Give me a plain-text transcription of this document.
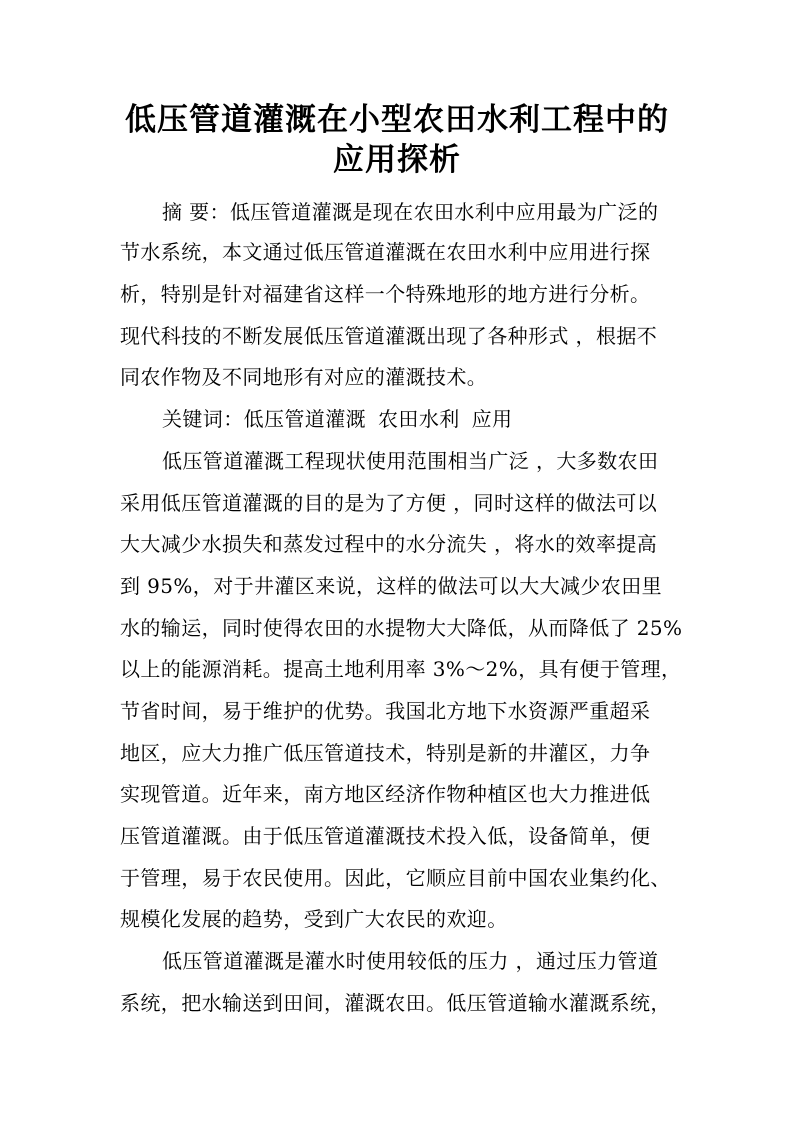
低压管道灌溉在小型农田水利工程中的
应用探析
摘 要：低压管道灌溉是现在农田水利中应用最为广泛的
节水系统，本文通过低压管道灌溉在农田水利中应用进行探
析，特别是针对福建省这样一个特殊地形的地方进行分析。
现代科技的不断发展低压管道灌溉出现了各种形式 ，根据不
同农作物及不同地形有对应的灌溉技术。
关键词：低压管道灌溉 农田水利 应用
低压管道灌溉工程现状使用范围相当广泛 ，大多数农田
采用低压管道灌溉的目的是为了方便 ，同时这样的做法可以
大大减少水损失和蒸发过程中的水分流失 ，将水的效率提高
到 95%，对于井灌区来说，这样的做法可以大大减少农田里
水的输运，同时使得农田的水提物大大降低，从而降低了 25%
以上的能源消耗。提高土地利用率 3%～2%，具有便于管理，
节省时间，易于维护的优势。我国北方地下水资源严重超采
地区，应大力推广低压管道技术，特别是新的井灌区，力争
实现管道。近年来，南方地区经济作物种植区也大力推进低
压管道灌溉。由于低压管道灌溉技术投入低，设备简单，便
于管理，易于农民使用。因此，它顺应目前中国农业集约化、
规模化发展的趋势，受到广大农民的欢迎。
低压管道灌溉是灌水时使用较低的压力 ，通过压力管道
系统，把水输送到田间，灌溉农田。低压管道输水灌溉系统，
